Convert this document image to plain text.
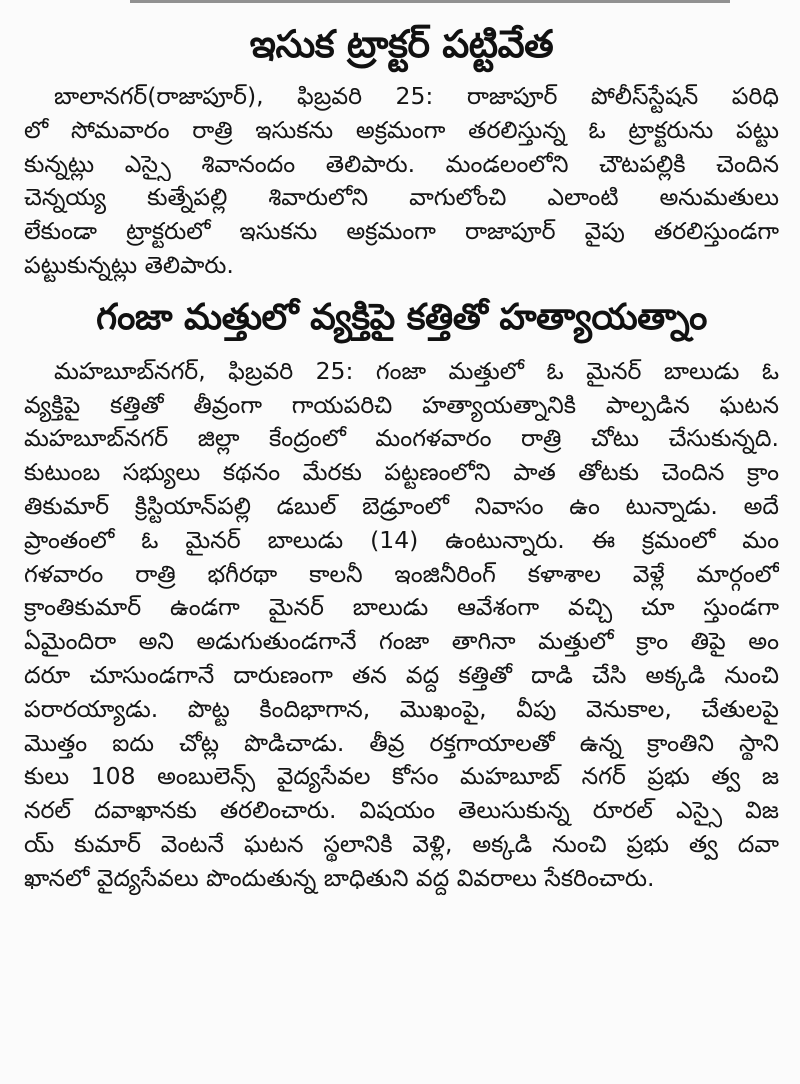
ఇసుక ట్రాక్టర్ పట్టివేత

బాలానగర్(రాజాపూర్), ఫిబ్రవరి 25: రాజాపూర్ పోలీస్‌స్టేషన్ పరిధి
లో సోమవారం రాత్రి ఇసుకను అక్రమంగా తరలిస్తున్న ఓ ట్రాక్టరును పట్టు
కున్నట్లు ఎస్సై శివానందం తెలిపారు. మండలంలోని చౌటపల్లికి చెందిన
చెన్నయ్య కుత్నేపల్లి శివారులోని వాగులోంచి ఎలాంటి అనుమతులు
లేకుండా ట్రాక్టరులో ఇసుకను అక్రమంగా రాజాపూర్ వైపు తరలిస్తుండగా
పట్టుకున్నట్లు తెలిపారు.

గంజా మత్తులో వ్యక్తిపై కత్తితో హత్యాయత్నాం

మహబూబ్‌నగర్, ఫిబ్రవరి 25: గంజా మత్తులో ఓ మైనర్ బాలుడు ఓ
వ్యక్తిపై కత్తితో తీవ్రంగా గాయపరిచి హత్యాయత్నానికి పాల్పడిన ఘటన
మహబూబ్‌నగర్ జిల్లా కేంద్రంలో మంగళవారం రాత్రి చోటు చేసుకున్నది.
కుటుంబ సభ్యులు కథనం మేరకు పట్టణంలోని పాత తోటకు చెందిన క్రాం
తికుమార్ క్రిస్టియాన్‌పల్లి డబుల్ బెడ్రూంలో నివాసం ఉం టున్నాడు. అదే
ప్రాంతంలో ఓ మైనర్ బాలుడు (14) ఉంటున్నారు. ఈ క్రమంలో మం
గళవారం రాత్రి భగీరథా కాలనీ ఇంజినీరింగ్ కళాశాల వెళ్లే మార్గంలో
క్రాంతికుమార్ ఉండగా మైనర్ బాలుడు ఆవేశంగా వచ్చి చూ స్తుండగా
ఏమైందిరా అని అడుగుతుండగానే గంజా తాగినా మత్తులో క్రాం తిపై అం
దరూ చూసుండగానే దారుణంగా తన వద్ద కత్తితో దాడి చేసి అక్కడి నుంచి
పరారయ్యాడు. పొట్ట కిందిభాగాన, మొఖంపై, వీపు వెనుకాల, చేతులపై
మొత్తం ఐదు చోట్ల పొడిచాడు. తీవ్ర రక్తగాయాలతో ఉన్న క్రాంతిని స్థాని
కులు 108 అంబులెన్స్ వైద్యసేవల కోసం మహబూబ్ నగర్ ప్రభు త్వ జ
నరల్ దవాఖానకు తరలించారు. విషయం తెలుసుకున్న రూరల్ ఎస్సై విజ
య్ కుమార్ వెంటనే ఘటన స్థలానికి వెళ్లి, అక్కడి నుంచి ప్రభు త్వ దవా
ఖానలో వైద్యసేవలు పొందుతున్న బాధితుని వద్ద వివరాలు సేకరించారు.
